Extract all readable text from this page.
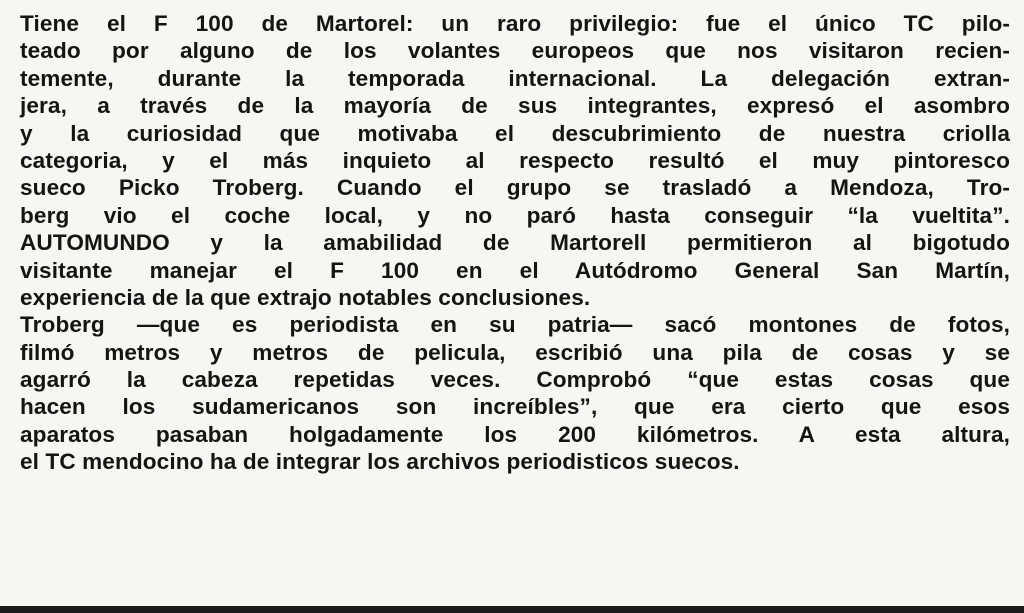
Tiene el F 100 de Martorel: un raro privilegio: fue el único TC pilo-
teado por alguno de los volantes europeos que nos visitaron recien-
temente, durante la temporada internacional. La delegación extran-
jera, a través de la mayoría de sus integrantes, expresó el asombro
y la curiosidad que motivaba el descubrimiento de nuestra criolla
categoria, y el más inquieto al respecto resultó el muy pintoresco
sueco Picko Troberg. Cuando el grupo se trasladó a Mendoza, Tro-
berg vio el coche local, y no paró hasta conseguir “la vueltita”.
AUTOMUNDO y la amabilidad de Martorell permitieron al bigotudo
visitante manejar el F 100 en el Autódromo General San Martín,
experiencia de la que extrajo notables conclusiones.
Troberg —que es periodista en su patria— sacó montones de fotos,
filmó metros y metros de pelicula, escribió una pila de cosas y se
agarró la cabeza repetidas veces. Comprobó “que estas cosas que
hacen los sudamericanos son increíbles”, que era cierto que esos
aparatos pasaban holgadamente los 200 kilómetros. A esta altura,
el TC mendocino ha de integrar los archivos periodisticos suecos.
